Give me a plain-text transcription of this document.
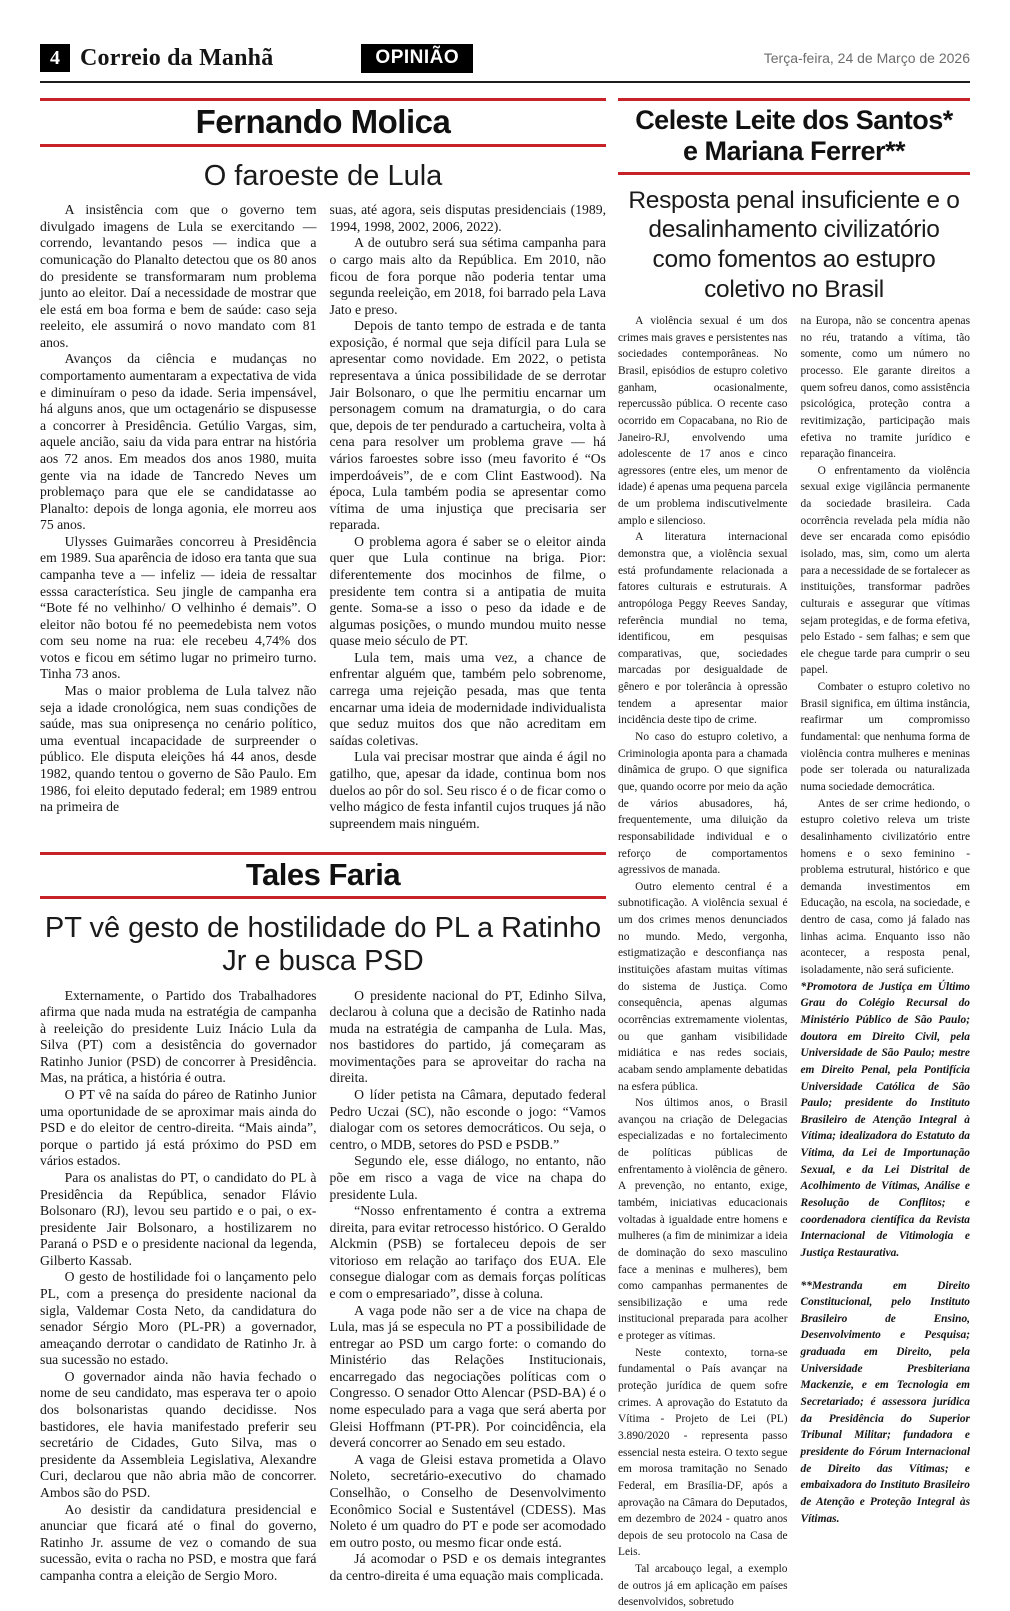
4 Correio da Manhã	OPINIÃO	Terça-feira, 24 de Março de 2026
Fernando Molica
O faroeste de Lula

A insistência com que o governo tem divulgado imagens de Lula se exercitando — correndo, levantando pesos — indica que a comunicação do Planalto detectou que os 80 anos do presidente se transformaram num problema junto ao eleitor. Daí a necessidade de mostrar que ele está em boa forma e bem de saúde: caso seja reeleito, ele assumirá o novo mandato com 81 anos.

Avanços da ciência e mudanças no comportamento aumentaram a expectativa de vida e diminuíram o peso da idade. Seria impensável, há alguns anos, que um octagenário se dispusesse a concorrer à Presidência. Getúlio Vargas, sim, aquele ancião, saiu da vida para entrar na história aos 72 anos. Em meados dos anos 1980, muita gente via na idade de Tancredo Neves um problemaço para que ele se candidatasse ao Planalto: depois de longa agonia, ele morreu aos 75 anos.

Ulysses Guimarães concorreu à Presidência em 1989. Sua aparência de idoso era tanta que sua campanha teve a — infeliz — ideia de ressaltar esssa característica. Seu jingle de campanha era “Bote fé no velhinho/ O velhinho é demais”. O eleitor não botou fé no peemedebista nem votos com seu nome na rua: ele recebeu 4,74% dos votos e ficou em sétimo lugar no primeiro turno. Tinha 73 anos.

Mas o maior problema de Lula talvez não seja a idade cronológica, nem suas condições de saúde, mas sua onipresença no cenário político, uma eventual incapacidade de surpreender o público. Ele disputa eleições há 44 anos, desde 1982, quando tentou o governo de São Paulo. Em 1986, foi eleito deputado federal; em 1989 entrou na primeira de

suas, até agora, seis disputas presidenciais (1989, 1994, 1998, 2002, 2006, 2022).

A de outubro será sua sétima campanha para o cargo mais alto da República. Em 2010, não ficou de fora porque não poderia tentar uma segunda reeleição, em 2018, foi barrado pela Lava Jato e preso.

Depois de tanto tempo de estrada e de tanta exposição, é normal que seja difícil para Lula se apresentar como novidade. Em 2022, o petista representava a única possibilidade de se derrotar Jair Bolsonaro, o que lhe permitiu encarnar um personagem comum na dramaturgia, o do cara que, depois de ter pendurado a cartucheira, volta à cena para resolver um problema grave — há vários faroestes sobre isso (meu favorito é “Os imperdoáveis”, de e com Clint Eastwood). Na época, Lula também podia se apresentar como vítima de uma injustiça que precisaria ser reparada.

O problema agora é saber se o eleitor ainda quer que Lula continue na briga. Pior: diferentemente dos mocinhos de filme, o presidente tem contra si a antipatia de muita gente. Soma-se a isso o peso da idade e de algumas posições, o mundo mundou muito nesse quase meio século de PT.

Lula tem, mais uma vez, a chance de enfrentar alguém que, também pelo sobrenome, carrega uma rejeição pesada, mas que tenta encarnar uma ideia de modernidade individualista que seduz muitos dos que não acreditam em saídas coletivas.

Lula vai precisar mostrar que ainda é ágil no gatilho, que, apesar da idade, continua bom nos duelos ao pôr do sol. Seu risco é o de ficar como o velho mágico de festa infantil cujos truques já não supreendem mais ninguém.

Tales Faria
PT vê gesto de hostilidade do PL a Ratinho Jr e busca PSD

Externamente, o Partido dos Trabalhadores afirma que nada muda na estratégia de campanha à reeleição do presidente Luiz Inácio Lula da Silva (PT) com a desistência do governador Ratinho Junior (PSD) de concorrer à Presidência. Mas, na prática, a história é outra.

O PT vê na saída do páreo de Ratinho Junior uma oportunidade de se aproximar mais ainda do PSD e do eleitor de centro-direita. “Mais ainda”, porque o partido já está próximo do PSD em vários estados.

Para os analistas do PT, o candidato do PL à Presidência da República, senador Flávio Bolsonaro (RJ), levou seu partido e o pai, o ex-presidente Jair Bolsonaro, a hostilizarem no Paraná o PSD e o presidente nacional da legenda, Gilberto Kassab.

O gesto de hostilidade foi o lançamento pelo PL, com a presença do presidente nacional da sigla, Valdemar Costa Neto, da candidatura do senador Sérgio Moro (PL-PR) a governador, ameaçando derrotar o candidato de Ratinho Jr. à sua sucessão no estado.

O governador ainda não havia fechado o nome de seu candidato, mas esperava ter o apoio dos bolsonaristas quando decidisse. Nos bastidores, ele havia manifestado preferir seu secretário de Cidades, Guto Silva, mas o presidente da Assembleia Legislativa, Alexandre Curi, declarou que não abria mão de concorrer. Ambos são do PSD.

Ao desistir da candidatura presidencial e anunciar que ficará até o final do governo, Ratinho Jr. assume de vez o comando de sua sucessão, evita o racha no PSD, e mostra que fará campanha contra a eleição de Sergio Moro.

O presidente nacional do PT, Edinho Silva, declarou à coluna que a decisão de Ratinho nada muda na estratégia de campanha de Lula. Mas, nos bastidores do partido, já começaram as movimentações para se aproveitar do racha na direita.

O líder petista na Câmara, deputado federal Pedro Uczai (SC), não esconde o jogo: “Vamos dialogar com os setores democráticos. Ou seja, o centro, o MDB, setores do PSD e PSDB.”

Segundo ele, esse diálogo, no entanto, não põe em risco a vaga de vice na chapa do presidente Lula.

“Nosso enfrentamento é contra a extrema direita, para evitar retrocesso histórico. O Geraldo Alckmin (PSB) se fortaleceu depois de ser vitorioso em relação ao tarifaço dos EUA. Ele consegue dialogar com as demais forças políticas e com o empresariado”, disse à coluna.

A vaga pode não ser a de vice na chapa de Lula, mas já se especula no PT a possibilidade de entregar ao PSD um cargo forte: o comando do Ministério das Relações Institucionais, encarregado das negociações políticas com o Congresso. O senador Otto Alencar (PSD-BA) é o nome especulado para a vaga que será aberta por Gleisi Hoffmann (PT-PR). Por coincidência, ela deverá concorrer ao Senado em seu estado.

A vaga de Gleisi estava prometida a Olavo Noleto, secretário-executivo do chamado Conselhão, o Conselho de Desenvolvimento Econômico Social e Sustentável (CDESS). Mas Noleto é um quadro do PT e pode ser acomodado em outro posto, ou mesmo ficar onde está.

Já acomodar o PSD e os demais integrantes da centro-direita é uma equação mais complicada.

Celeste Leite dos Santos*
e Mariana Ferrer**
Resposta penal insuficiente e o desalinhamento civilizatório como fomentos ao estupro coletivo no Brasil

A violência sexual é um dos crimes mais graves e persistentes nas sociedades contemporâneas. No Brasil, episódios de estupro coletivo ganham, ocasionalmente, repercussão pública. O recente caso ocorrido em Copacabana, no Rio de Janeiro-RJ, envolvendo uma adolescente de 17 anos e cinco agressores (entre eles, um menor de idade) é apenas uma pequena parcela de um problema indiscutivelmente amplo e silencioso.

A literatura internacional demonstra que, a violência sexual está profundamente relacionada a fatores culturais e estruturais. A antropóloga Peggy Reeves Sanday, referência mundial no tema, identificou, em pesquisas comparativas, que, sociedades marcadas por desigualdade de gênero e por tolerância à opressão tendem a apresentar maior incidência deste tipo de crime.

No caso do estupro coletivo, a Criminologia aponta para a chamada dinâmica de grupo. O que significa que, quando ocorre por meio da ação de vários abusadores, há, frequentemente, uma diluição da responsabilidade individual e o reforço de comportamentos agressivos de manada.

Outro elemento central é a subnotificação. A violência sexual é um dos crimes menos denunciados no mundo. Medo, vergonha, estigmatização e desconfiança nas instituições afastam muitas vítimas do sistema de Justiça. Como consequência, apenas algumas ocorrências extremamente violentas, ou que ganham visibilidade midiática e nas redes sociais, acabam sendo amplamente debatidas na esfera pública.

Nos últimos anos, o Brasil avançou na criação de Delegacias especializadas e no fortalecimento de políticas públicas de enfrentamento à violência de gênero. A prevenção, no entanto, exige, também, iniciativas educacionais voltadas à igualdade entre homens e mulheres (a fim de minimizar a ideia de dominação do sexo masculino face a meninas e mulheres), bem como campanhas permanentes de sensibilização e uma rede institucional preparada para acolher e proteger as vítimas.

Neste contexto, torna-se fundamental o País avançar na proteção jurídica de quem sofre crimes. A aprovação do Estatuto da Vítima - Projeto de Lei (PL) 3.890/2020 - representa passo essencial nesta esteira. O texto segue em morosa tramitação no Senado Federal, em Brasília-DF, após a aprovação na Câmara do Deputados, em dezembro de 2024 - quatro anos depois de seu protocolo na Casa de Leis.

Tal arcabouço legal, a exemplo de outros já em aplicação em países desenvolvidos, sobretudo

na Europa, não se concentra apenas no réu, tratando a vítima, tão somente, como um número no processo. Ele garante direitos a quem sofreu danos, como assistência psicológica, proteção contra a revitimização, participação mais efetiva no tramite jurídico e reparação financeira.

O enfrentamento da violência sexual exige vigilância permanente da sociedade brasileira. Cada ocorrência revelada pela mídia não deve ser encarada como episódio isolado, mas, sim, como um alerta para a necessidade de se fortalecer as instituições, transformar padrões culturais e assegurar que vítimas sejam protegidas, e de forma efetiva, pelo Estado - sem falhas; e sem que ele chegue tarde para cumprir o seu papel.

Combater o estupro coletivo no Brasil significa, em última instância, reafirmar um compromisso fundamental: que nenhuma forma de violência contra mulheres e meninas pode ser tolerada ou naturalizada numa sociedade democrática.

Antes de ser crime hediondo, o estupro coletivo releva um triste desalinhamento civilizatório entre homens e o sexo feminino - problema estrutural, histórico e que demanda investimentos em Educação, na escola, na sociedade, e dentro de casa, como já falado nas linhas acima. Enquanto isso não acontecer, a resposta penal, isoladamente, não será suficiente.

*Promotora de Justiça em Último Grau do Colégio Recursal do Ministério Público de São Paulo; doutora em Direito Civil, pela Universidade de São Paulo; mestre em Direito Penal, pela Pontifícia Universidade Católica de São Paulo; presidente do Instituto Brasileiro de Atenção Integral à Vítima; idealizadora do Estatuto da Vítima, da Lei de Importunação Sexual, e da Lei Distrital de Acolhimento de Vítimas, Análise e Resolução de Conflitos; e coordenadora científica da Revista Internacional de Vitimologia e Justiça Restaurativa.

**Mestranda em Direito Constitucional, pelo Instituto Brasileiro de Ensino, Desenvolvimento e Pesquisa; graduada em Direito, pela Universidade Presbiteriana Mackenzie, e em Tecnologia em Secretariado; é assessora jurídica da Presidência do Superior Tribunal Militar; fundadora e presidente do Fórum Internacional de Direito das Vítimas; e embaixadora do Instituto Brasileiro de Atenção e Proteção Integral às Vítimas.
